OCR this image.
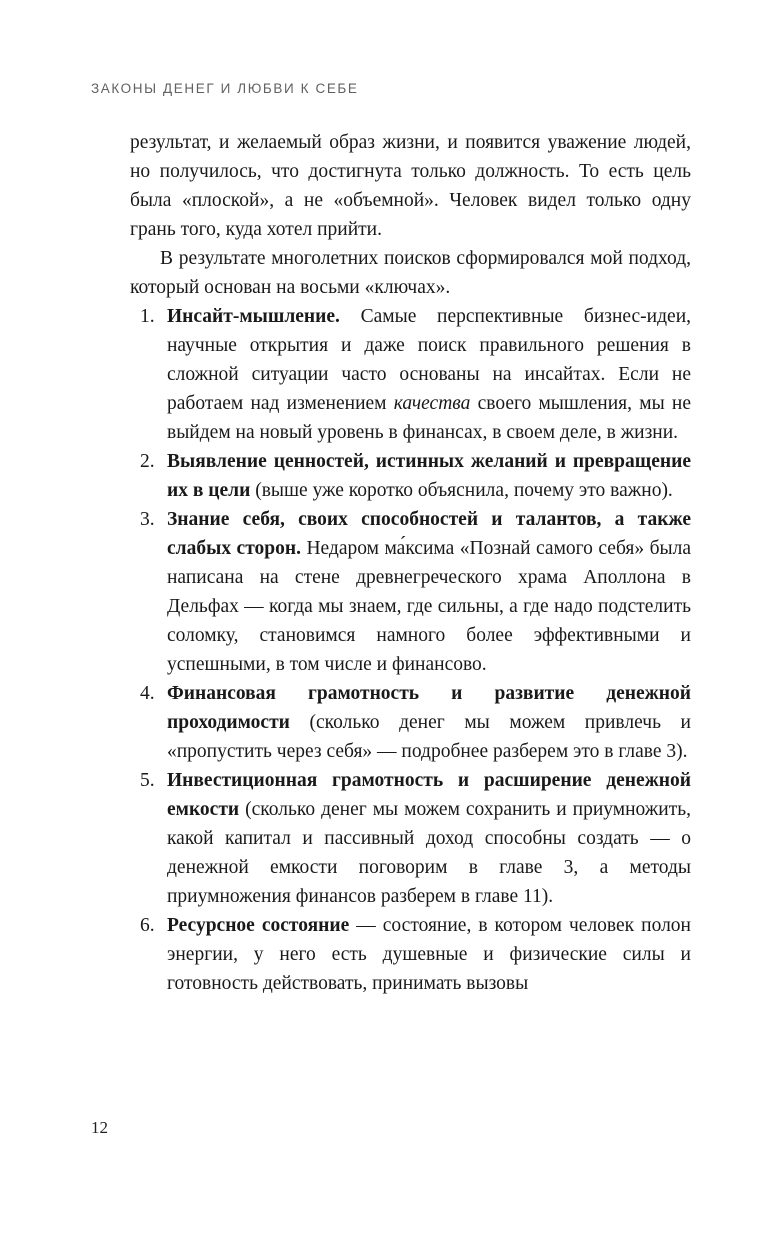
ЗАКОНЫ ДЕНЕГ И ЛЮБВИ К СЕБЕ

результат, и желаемый образ жизни, и появится уважение людей, но получилось, что достигнута только должность. То есть цель была «плоской», а не «объемной». Человек видел только одну грань того, куда хотел прийти.

В результате многолетних поисков сформировался мой подход, который основан на восьми «ключах».

1. Инсайт-мышление. Самые перспективные бизнес-идеи, научные открытия и даже поиск правильного решения в сложной ситуации часто основаны на инсайтах. Если не работаем над изменением качества своего мышления, мы не выйдем на новый уровень в финансах, в своем деле, в жизни.
2. Выявление ценностей, истинных желаний и превращение их в цели (выше уже коротко объяснила, почему это важно).
3. Знание себя, своих способностей и талантов, а также слабых сторон. Недаром ма́ксима «Познай самого себя» была написана на стене древнегреческого храма Аполлона в Дельфах — когда мы знаем, где сильны, а где надо подстелить соломку, становимся намного более эффективными и успешными, в том числе и финансово.
4. Финансовая грамотность и развитие денежной проходимости (сколько денег мы можем привлечь и «пропустить через себя» — подробнее разберем это в главе 3).
5. Инвестиционная грамотность и расширение денежной емкости (сколько денег мы можем сохранить и приумножить, какой капитал и пассивный доход способны создать — о денежной емкости поговорим в главе 3, а методы приумножения финансов разберем в главе 11).
6. Ресурсное состояние — состояние, в котором человек полон энергии, у него есть душевные и физические силы и готовность действовать, принимать вызовы
12
